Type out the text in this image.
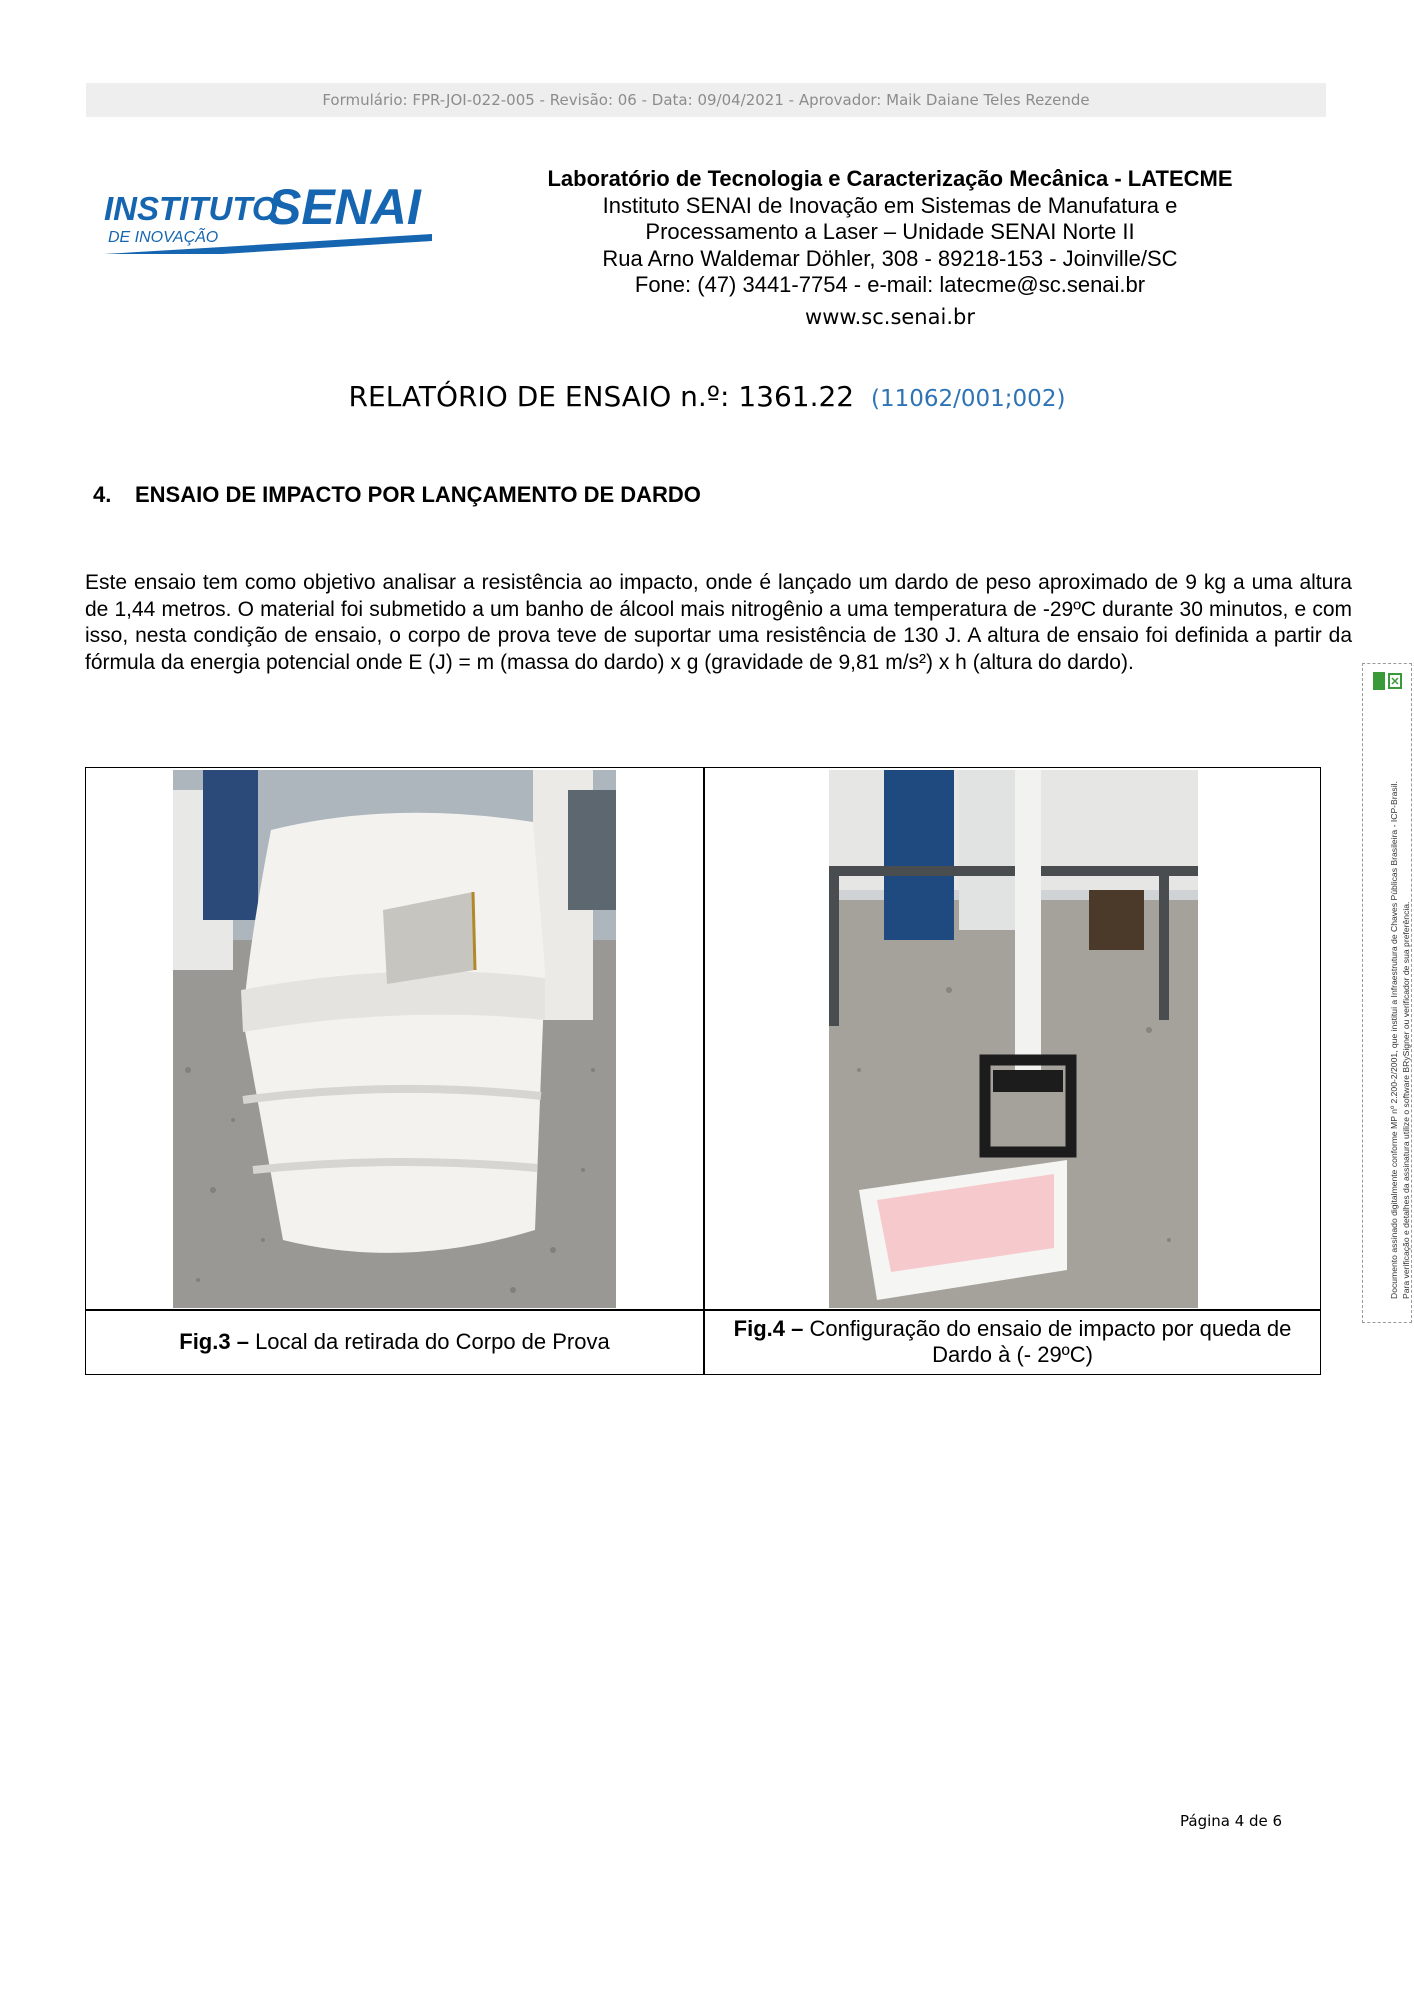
Formulário: FPR-JOI-022-005 - Revisão: 06 - Data: 09/04/2021 - Aprovador: Maik Daiane Teles Rezende
INSTITUTO
SENAI
DE INOVAÇÃO
Laboratório de Tecnologia e Caracterização Mecânica - LATECME
Instituto SENAI de Inovação em Sistemas de Manufatura e
Processamento a Laser – Unidade SENAI Norte II
Rua Arno Waldemar Döhler, 308 - 89218-153 - Joinville/SC
Fone: (47) 3441-7754 - e-mail: latecme@sc.senai.br
www.sc.senai.br
RELATÓRIO DE ENSAIO n.º: 1361.22 (11062/001;002)
4. ENSAIO DE IMPACTO POR LANÇAMENTO DE DARDO

Este ensaio tem como objetivo analisar a resistência ao impacto, onde é lançado um dardo de peso aproximado de 9 kg a uma altura de 1,44 metros. O material foi submetido a um banho de álcool mais nitrogênio a uma temperatura de -29ºC durante 30 minutos, e com isso, nesta condição de ensaio, o corpo de prova teve de suportar uma resistência de 130 J. A altura de ensaio foi definida a partir da fórmula da energia potencial onde E (J) = m (massa do dardo) x g (gravidade de 9,81 m/s²) x h (altura do dardo).

Fig.3 – Local da retirada do Corpo de Prova
Fig.4 – Configuração do ensaio de impacto por queda de Dardo à (- 29ºC)
Documento assinado digitalmente conforme MP nº 2.200-2/2001, que institui a Infraestrutura de Chaves Públicas Brasileira - ICP-Brasil. Para verificação e detalhes da assinatura utilize o software BRySigner ou verificador de sua preferência.
Página 4 de 6
